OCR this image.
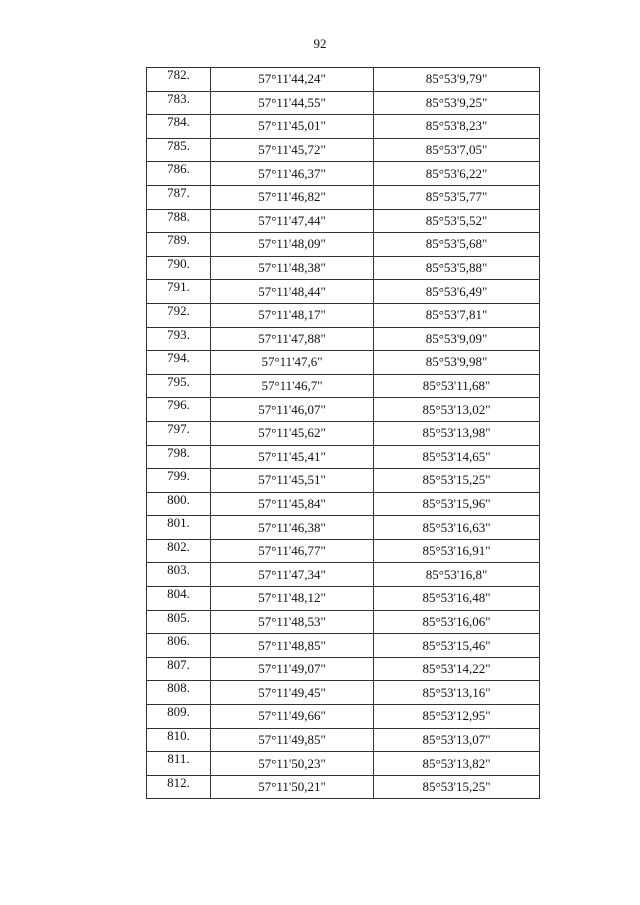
92
782.	57°11'44,24"	85°53'9,79"
783.	57°11'44,55"	85°53'9,25"
784.	57°11'45,01"	85°53'8,23"
785.	57°11'45,72"	85°53'7,05"
786.	57°11'46,37"	85°53'6,22"
787.	57°11'46,82"	85°53'5,77"
788.	57°11'47,44"	85°53'5,52"
789.	57°11'48,09"	85°53'5,68"
790.	57°11'48,38"	85°53'5,88"
791.	57°11'48,44"	85°53'6,49"
792.	57°11'48,17"	85°53'7,81"
793.	57°11'47,88"	85°53'9,09"
794.	57°11'47,6"	85°53'9,98"
795.	57°11'46,7"	85°53'11,68"
796.	57°11'46,07"	85°53'13,02"
797.	57°11'45,62"	85°53'13,98"
798.	57°11'45,41"	85°53'14,65"
799.	57°11'45,51"	85°53'15,25"
800.	57°11'45,84"	85°53'15,96"
801.	57°11'46,38"	85°53'16,63"
802.	57°11'46,77"	85°53'16,91"
803.	57°11'47,34"	85°53'16,8"
804.	57°11'48,12"	85°53'16,48"
805.	57°11'48,53"	85°53'16,06"
806.	57°11'48,85"	85°53'15,46"
807.	57°11'49,07"	85°53'14,22"
808.	57°11'49,45"	85°53'13,16"
809.	57°11'49,66"	85°53'12,95"
810.	57°11'49,85"	85°53'13,07"
811.	57°11'50,23"	85°53'13,82"
812.	57°11'50,21"	85°53'15,25"
